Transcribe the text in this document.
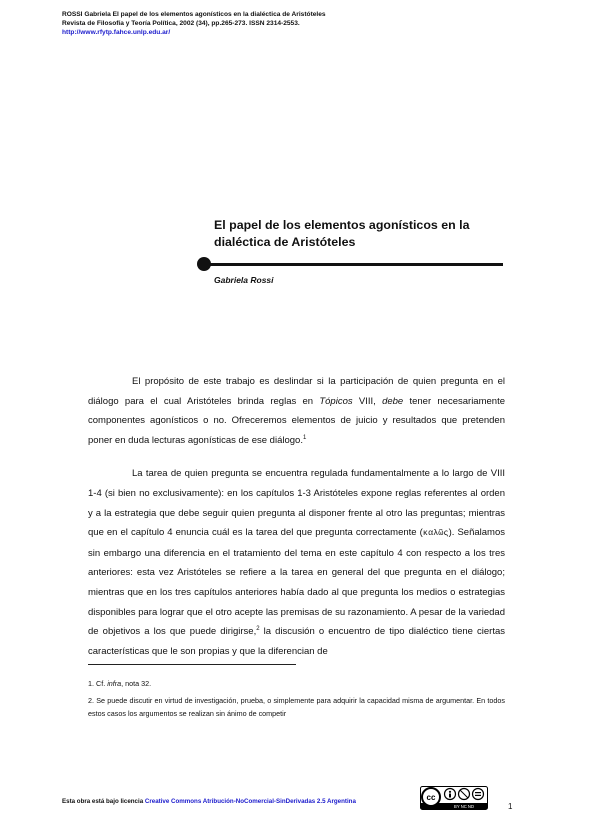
ROSSI Gabriela El papel de los elementos agonísticos en la dialéctica de Aristóteles
Revista de Filosofía y Teoría Política, 2002 (34), pp.265-273. ISSN 2314-2553.
http://www.rfytp.fahce.unlp.edu.ar/
El papel de los elementos agonísticos en la
dialéctica de Aristóteles
Gabriela Rossi

El propósito de este trabajo es deslindar si la participación de quien pregunta en el diálogo para el cual Aristóteles brinda reglas en Tópicos VIII, debe tener necesariamente componentes agonísticos o no. Ofreceremos elementos de juicio y resultados que pretenden poner en duda lecturas agonísticas de ese diálogo.$^1$

La tarea de quien pregunta se encuentra regulada fundamentalmente a lo largo de VIII 1-4 (si bien no exclusivamente): en los capítulos 1-3 Aristóteles expone reglas referentes al orden y a la estrategia que debe seguir quien pregunta al disponer frente al otro las preguntas; mientras que en el capítulo 4 enuncia cuál es la tarea del que pregunta correctamente (καλῶς). Señalamos sin embargo una diferencia en el tratamiento del tema en este capítulo 4 con respecto a los tres anteriores: esta vez Aristóteles se refiere a la tarea en general del que pregunta en el diálogo; mientras que en los tres capítulos anteriores había dado al que pregunta los medios o estrategias disponibles para lograr que el otro acepte las premisas de su razonamiento. A pesar de la variedad de objetivos a los que puede dirigirse,$^2$ la discusión o encuentro de tipo dialéctico tiene ciertas características que le son propias y que la diferencian de

1. Cf. infra, nota 32.

2. Se puede discutir en virtud de investigación, prueba, o simplemente para adquirir la capacidad misma de argumentar. En todos estos casos los argumentos se realizan sin ánimo de competir

Esta obra está bajo licencia Creative Commons Atribución-NoComercial-SinDerivadas 2.5 Argentina	cc
BY NC ND	1
